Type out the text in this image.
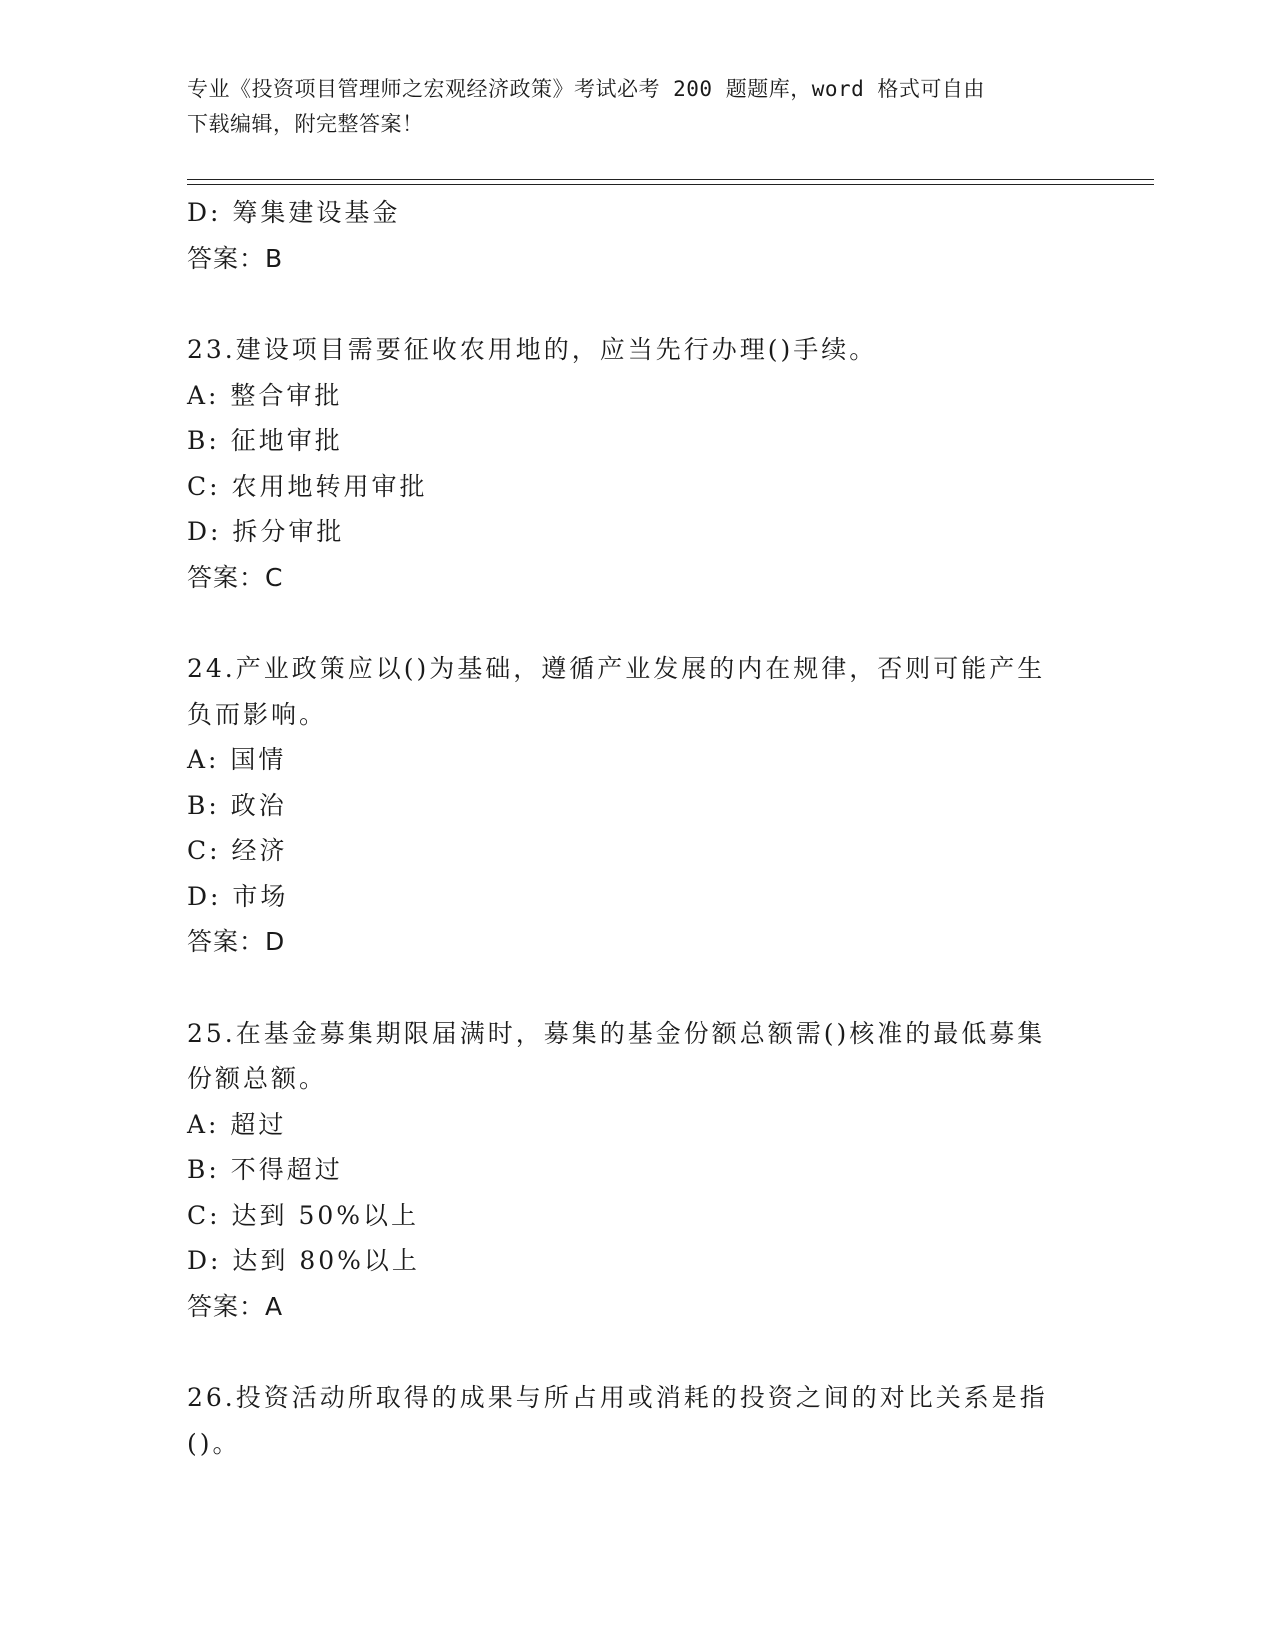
专业《投资项目管理师之宏观经济政策》考试必考 200 题题库，word 格式可自由
下载编辑，附完整答案！
D: 筹集建设基金
答案：B
23.建设项目需要征收农用地的，应当先行办理()手续。
A: 整合审批
B: 征地审批
C: 农用地转用审批
D: 拆分审批
答案：C
24.产业政策应以()为基础，遵循产业发展的内在规律，否则可能产生
负而影响。
A: 国情
B: 政治
C: 经济
D: 市场
答案：D
25.在基金募集期限届满时，募集的基金份额总额需()核准的最低募集
份额总额。
A: 超过
B: 不得超过
C: 达到 50%以上
D: 达到 80%以上
答案：A
26.投资活动所取得的成果与所占用或消耗的投资之间的对比关系是指
()。
